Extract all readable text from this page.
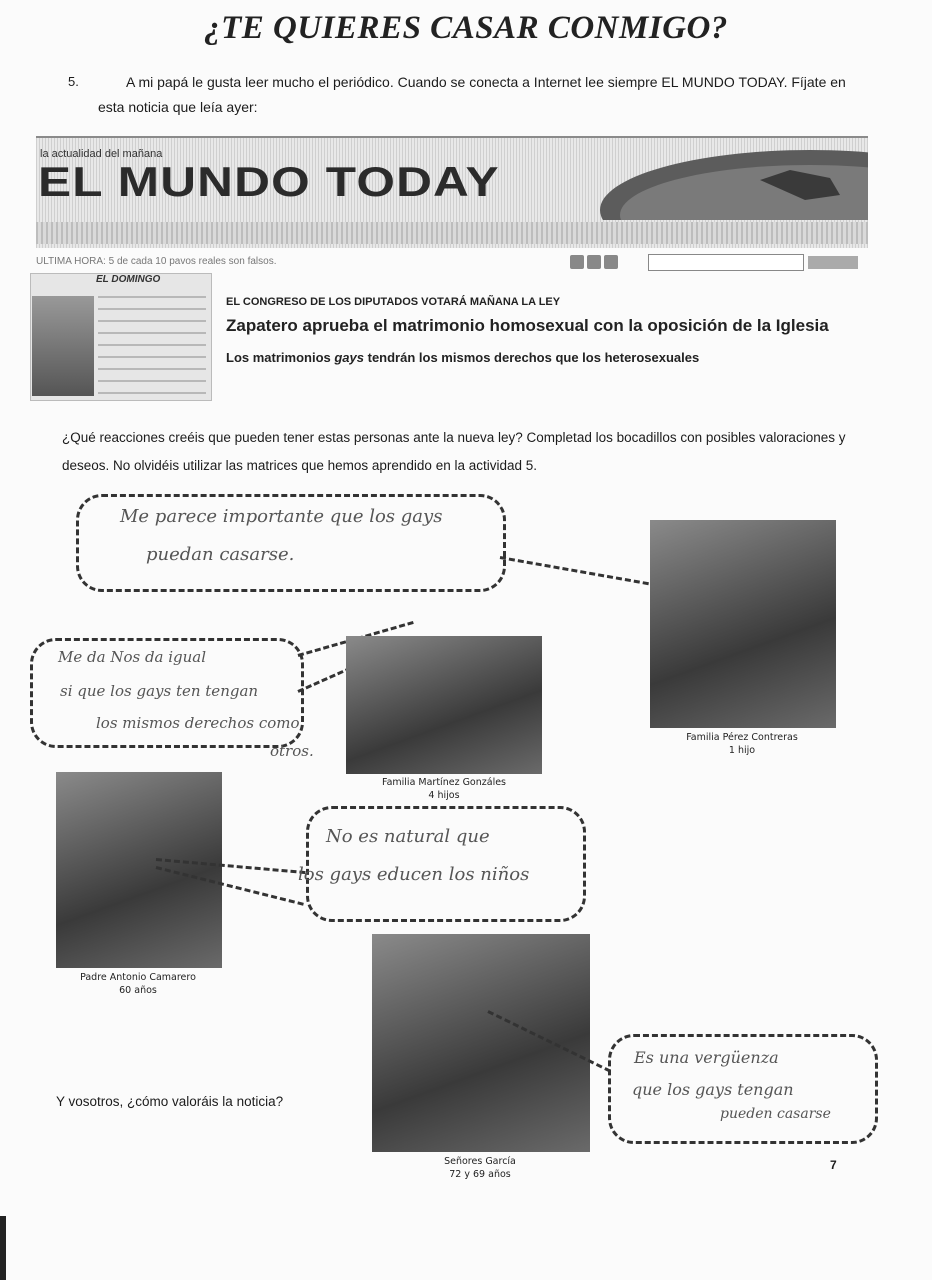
¿TE QUIERES CASAR CONMIGO?
5.	A mi papá le gusta leer mucho el periódico. Cuando se conecta a Internet lee siempre EL MUNDO TODAY. Fíjate en esta noticia que leía ayer:
la actualidad del mañana
EL MUNDO TODAY
ULTIMA HORA: 5 de cada 10 pavos reales son falsos.
EL DOMINGO
EL CONGRESO DE LOS DIPUTADOS VOTARÁ MAÑANA LA LEY
Zapatero aprueba el matrimonio homosexual con la oposición de la Iglesia
Los matrimonios gays tendrán los mismos derechos que los heterosexuales
¿Qué reacciones creéis que pueden tener estas personas ante la nueva ley? Completad los bocadillos con posibles valoraciones y deseos. No olvidéis utilizar las matrices que hemos aprendido en la actividad 5.
Me parece importante que los gays
puedan casarse.
Familia Pérez Contreras
1 hijo
Me da Nos da igual
si que los gays ten tengan
los mismos derechos como
otros.
Familia Martínez Gonzáles
4 hijos
Padre Antonio Camarero
60 años
No es natural que
los gays educen los niños
Señores García
72 y 69 años
Es una vergüenza
que los gays tengan
pueden casarse
Y vosotros, ¿cómo valoráis la noticia?
7
